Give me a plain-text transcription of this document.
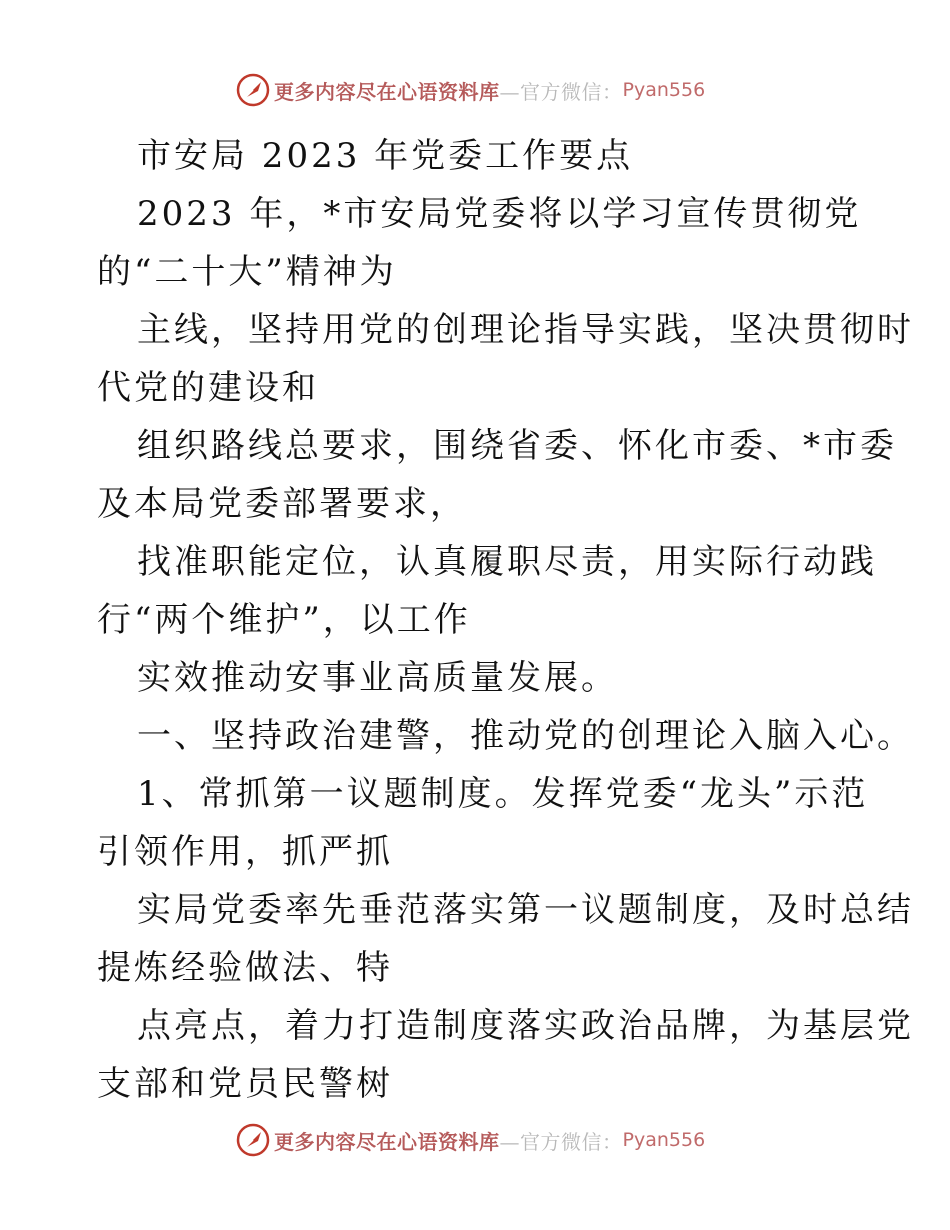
更多内容尽在心语资料库 —官方微信： Pyan556
市安局 2023 年党委工作要点
2023 年，*市安局党委将以学习宣传贯彻党
的“二十大”精神为
主线，坚持用党的创理论指导实践，坚决贯彻时
代党的建设和
组织路线总要求，围绕省委、怀化市委、*市委
及本局党委部署要求，
找准职能定位，认真履职尽责，用实际行动践
行“两个维护”，以工作
实效推动安事业高质量发展。
一、坚持政治建警，推动党的创理论入脑入心。
1、常抓第一议题制度。发挥党委“龙头”示范
引领作用，抓严抓
实局党委率先垂范落实第一议题制度，及时总结
提炼经验做法、特
点亮点，着力打造制度落实政治品牌，为基层党
支部和党员民警树
更多内容尽在心语资料库 —官方微信： Pyan556
